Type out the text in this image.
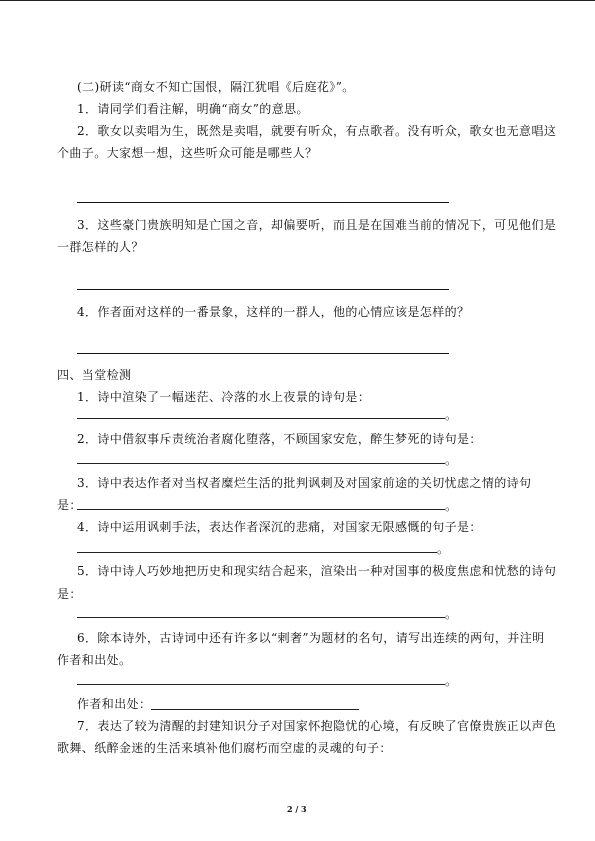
(二)研读“商女不知亡国恨，隔江犹唱《后庭花》”。
1．请同学们看注解，明确“商女”的意思。
2．歌女以卖唱为生，既然是卖唱，就要有听众，有点歌者。没有听众，歌女也无意唱这
个曲子。大家想一想，这些听众可能是哪些人？
3．这些豪门贵族明知是亡国之音，却偏要听，而且是在国难当前的情况下，可见他们是
一群怎样的人？
4．作者面对这样的一番景象，这样的一群人，他的心情应该是怎样的？
四、当堂检测
1．诗中渲染了一幅迷茫、冷落的水上夜景的诗句是：
。
2．诗中借叙事斥责统治者腐化堕落，不顾国家安危，醉生梦死的诗句是：
。
3．诗中表达作者对当权者糜烂生活的批判讽刺及对国家前途的关切忧虑之情的诗句
是：	。
4．诗中运用讽刺手法，表达作者深沉的悲痛，对国家无限感慨的句子是：
。
5．诗中诗人巧妙地把历史和现实结合起来，渲染出一种对国事的极度焦虑和忧愁的诗句
是：
。
6．除本诗外，古诗词中还有许多以“剌奢”为题材的名句，请写出连续的两句，并注明
作者和出处。
。
作者和出处：
7．表达了较为清醒的封建知识分子对国家怀抱隐忧的心境，有反映了官僚贵族正以声色
歌舞、纸醉金迷的生活来填补他们腐朽而空虚的灵魂的句子：
2 / 3
